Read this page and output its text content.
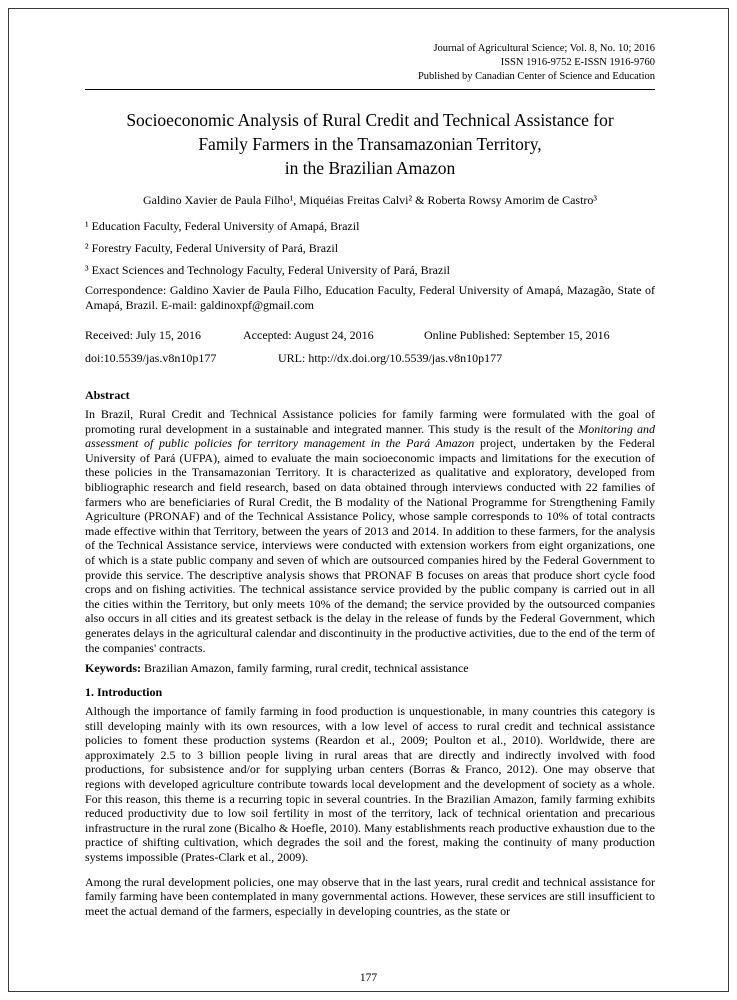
Journal of Agricultural Science; Vol. 8, No. 10; 2016
ISSN 1916-9752 E-ISSN 1916-9760
Published by Canadian Center of Science and Education
Socioeconomic Analysis of Rural Credit and Technical Assistance for
Family Farmers in the Transamazonian Territory,
in the Brazilian Amazon
Galdino Xavier de Paula Filho¹, Miquéias Freitas Calvi² & Roberta Rowsy Amorim de Castro³
¹ Education Faculty, Federal University of Amapá, Brazil
² Forestry Faculty, Federal University of Pará, Brazil
³ Exact Sciences and Technology Faculty, Federal University of Pará, Brazil
Correspondence: Galdino Xavier de Paula Filho, Education Faculty, Federal University of Amapá, Mazagão, State of Amapá, Brazil. E-mail: galdinoxpf@gmail.com
Received: July 15, 2016	Accepted: August 24, 2016	Online Published: September 15, 2016
doi:10.5539/jas.v8n10p177	URL: http://dx.doi.org/10.5539/jas.v8n10p177
Abstract
In Brazil, Rural Credit and Technical Assistance policies for family farming were formulated with the goal of promoting rural development in a sustainable and integrated manner. This study is the result of the Monitoring and assessment of public policies for territory management in the Pará Amazon project, undertaken by the Federal University of Pará (UFPA), aimed to evaluate the main socioeconomic impacts and limitations for the execution of these policies in the Transamazonian Territory. It is characterized as qualitative and exploratory, developed from bibliographic research and field research, based on data obtained through interviews conducted with 22 families of farmers who are beneficiaries of Rural Credit, the B modality of the National Programme for Strengthening Family Agriculture (PRONAF) and of the Technical Assistance Policy, whose sample corresponds to 10% of total contracts made effective within that Territory, between the years of 2013 and 2014. In addition to these farmers, for the analysis of the Technical Assistance service, interviews were conducted with extension workers from eight organizations, one of which is a state public company and seven of which are outsourced companies hired by the Federal Government to provide this service. The descriptive analysis shows that PRONAF B focuses on areas that produce short cycle food crops and on fishing activities. The technical assistance service provided by the public company is carried out in all the cities within the Territory, but only meets 10% of the demand; the service provided by the outsourced companies also occurs in all cities and its greatest setback is the delay in the release of funds by the Federal Government, which generates delays in the agricultural calendar and discontinuity in the productive activities, due to the end of the term of the companies' contracts.
Keywords: Brazilian Amazon, family farming, rural credit, technical assistance
1. Introduction
Although the importance of family farming in food production is unquestionable, in many countries this category is still developing mainly with its own resources, with a low level of access to rural credit and technical assistance policies to foment these production systems (Reardon et al., 2009; Poulton et al., 2010). Worldwide, there are approximately 2.5 to 3 billion people living in rural areas that are directly and indirectly involved with food productions, for subsistence and/or for supplying urban centers (Borras & Franco, 2012). One may observe that regions with developed agriculture contribute towards local development and the development of society as a whole. For this reason, this theme is a recurring topic in several countries. In the Brazilian Amazon, family farming exhibits reduced productivity due to low soil fertility in most of the territory, lack of technical orientation and precarious infrastructure in the rural zone (Bicalho & Hoefle, 2010). Many establishments reach productive exhaustion due to the practice of shifting cultivation, which degrades the soil and the forest, making the continuity of many production systems impossible (Prates-Clark et al., 2009).
Among the rural development policies, one may observe that in the last years, rural credit and technical assistance for family farming have been contemplated in many governmental actions. However, these services are still insufficient to meet the actual demand of the farmers, especially in developing countries, as the state or
177
